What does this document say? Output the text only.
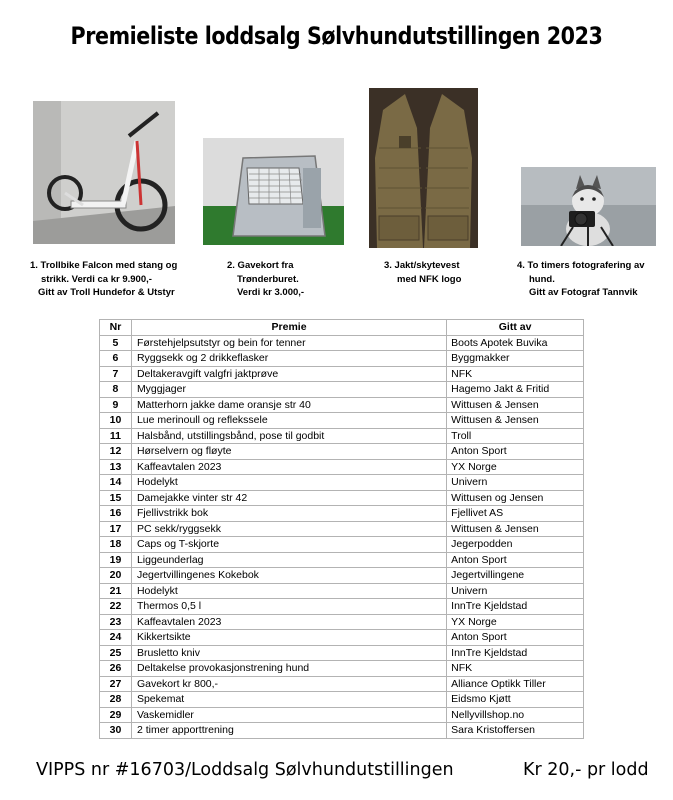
Premieliste loddsalg Sølvhundutstillingen 2023
1. Trollbike Falcon med stang og
strikk. Verdi ca kr 9.900,-
Gitt av Troll Hundefor & Utstyr
2. Gavekort fra
Trønderburet.
Verdi kr 3.000,-
3. Jakt/skytevest
med NFK logo
4. To timers fotografering av
hund.
Gitt av Fotograf Tannvik
Nr	Premie	Gitt av
5	Førstehjelpsutstyr og bein for tenner	Boots Apotek Buvika
6	Ryggsekk og 2 drikkeflasker	Byggmakker
7	Deltakeravgift valgfri jaktprøve	NFK
8	Myggjager	Hagemo Jakt & Fritid
9	Matterhorn jakke dame oransje str 40	Wittusen & Jensen
10	Lue merinoull og reflekssele	Wittusen & Jensen
11	Halsbånd, utstillingsbånd, pose til godbit	Troll
12	Hørselvern og fløyte	Anton Sport
13	Kaffeavtalen 2023	YX Norge
14	Hodelykt	Univern
15	Damejakke vinter str 42	Wittusen og Jensen
16	Fjellivstrikk bok	Fjellivet AS
17	PC sekk/ryggsekk	Wittusen & Jensen
18	Caps og T-skjorte	Jegerpodden
19	Liggeunderlag	Anton Sport
20	Jegertvillingenes Kokebok	Jegertvillingene
21	Hodelykt	Univern
22	Thermos 0,5 l	InnTre Kjeldstad
23	Kaffeavtalen 2023	YX Norge
24	Kikkertsikte	Anton Sport
25	Brusletto kniv	InnTre Kjeldstad
26	Deltakelse provokasjonstrening hund	NFK
27	Gavekort kr 800,-	Alliance Optikk Tiller
28	Spekemat	Eidsmo Kjøtt
29	Vaskemidler	Nellyvillshop.no
30	2 timer apporttrening	Sara Kristoffersen
VIPPS nr #16703/Loddsalg Sølvhundutstillingen	Kr 20,- pr lodd
